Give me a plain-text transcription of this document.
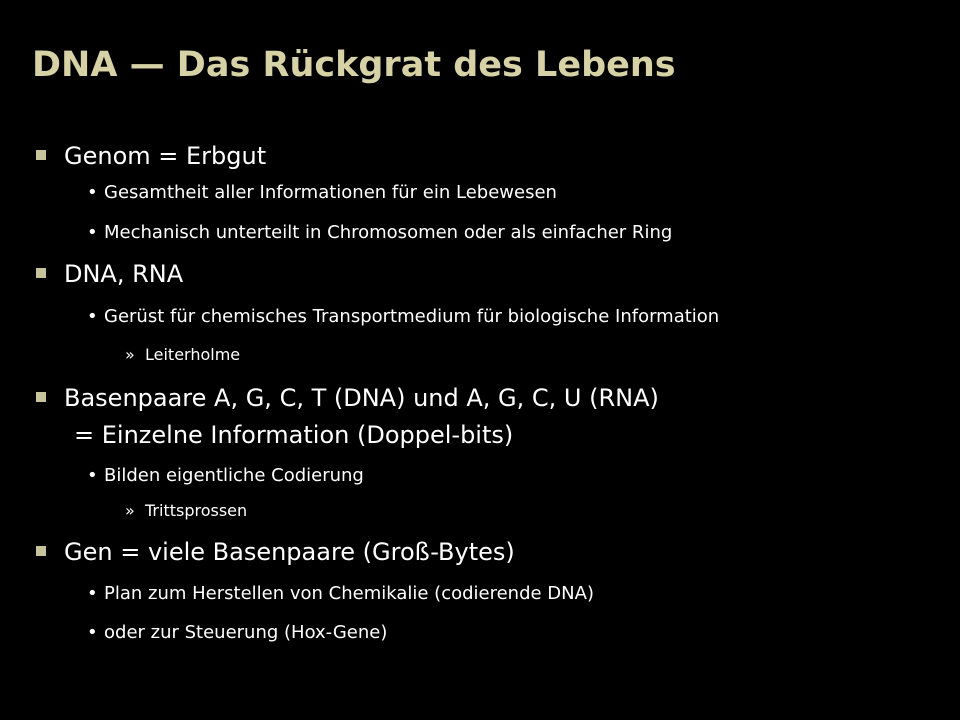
DNA — Das Rückgrat des Lebens
Genom = Erbgut
• Gesamtheit aller Informationen für ein Lebewesen
• Mechanisch unterteilt in Chromosomen oder als einfacher Ring
DNA, RNA
• Gerüst für chemisches Transportmedium für biologische Information
» Leiterholme
Basenpaare A, G, C, T (DNA) und A, G, C, U (RNA)
= Einzelne Information (Doppel-bits)
• Bilden eigentliche Codierung
» Trittsprossen
Gen = viele Basenpaare (Groß-Bytes)
• Plan zum Herstellen von Chemikalie (codierende DNA)
• oder zur Steuerung (Hox-Gene)
